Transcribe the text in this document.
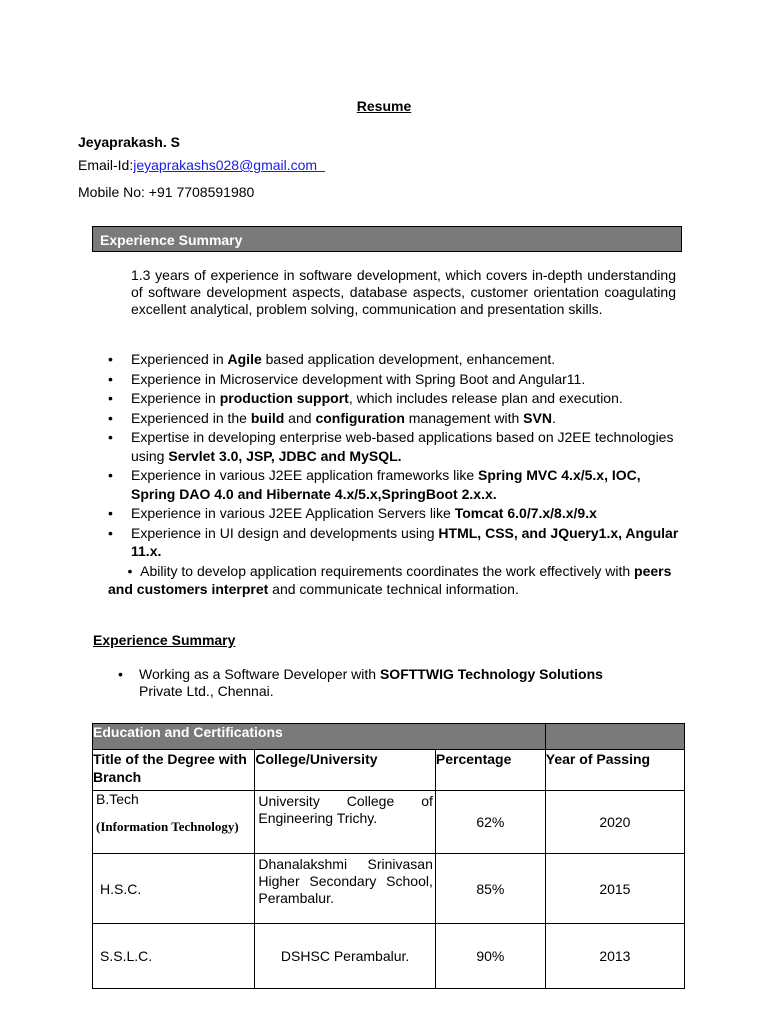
Resume
Jeyaprakash. S
Email-Id:jeyaprakashs028@gmail.com
Mobile No: +91 7708591980
Experience Summary
1.3 years of experience in software development, which covers in-depth understanding of software development aspects, database aspects, customer orientation coagulating excellent analytical, problem solving, communication and presentation skills.
• Experienced in Agile based application development, enhancement.
• Experience in Microservice development with Spring Boot and Angular11.
• Experience in production support, which includes release plan and execution.
• Experienced in the build and configuration management with SVN.
• Expertise in developing enterprise web-based applications based on J2EE technologies using Servlet 3.0, JSP, JDBC and MySQL.
• Experience in various J2EE application frameworks like Spring MVC 4.x/5.x, IOC, Spring DAO 4.0 and Hibernate 4.x/5.x,SpringBoot 2.x.x.
• Experience in various J2EE Application Servers like Tomcat 6.0/7.x/8.x/9.x
• Experience in UI design and developments using HTML, CSS, and JQuery1.x, Angular 11.x.
•  Ability to develop application requirements coordinates the work effectively with peers and customers interpret and communicate technical information.
Experience Summary
• Working as a Software Developer with SOFTTWIG Technology Solutions
Private Ltd., Chennai.
Education and Certifications			
Title of the Degree with Branch	College/University	Percentage	Year of Passing

B.Tech
(Information Technology)	University College of Engineering Trichy.	62%	2020
H.S.C.	Dhanalakshmi Srinivasan Higher Secondary School, Perambalur.	85%	2015
S.S.L.C.	DSHSC Perambalur.	90%	2013
